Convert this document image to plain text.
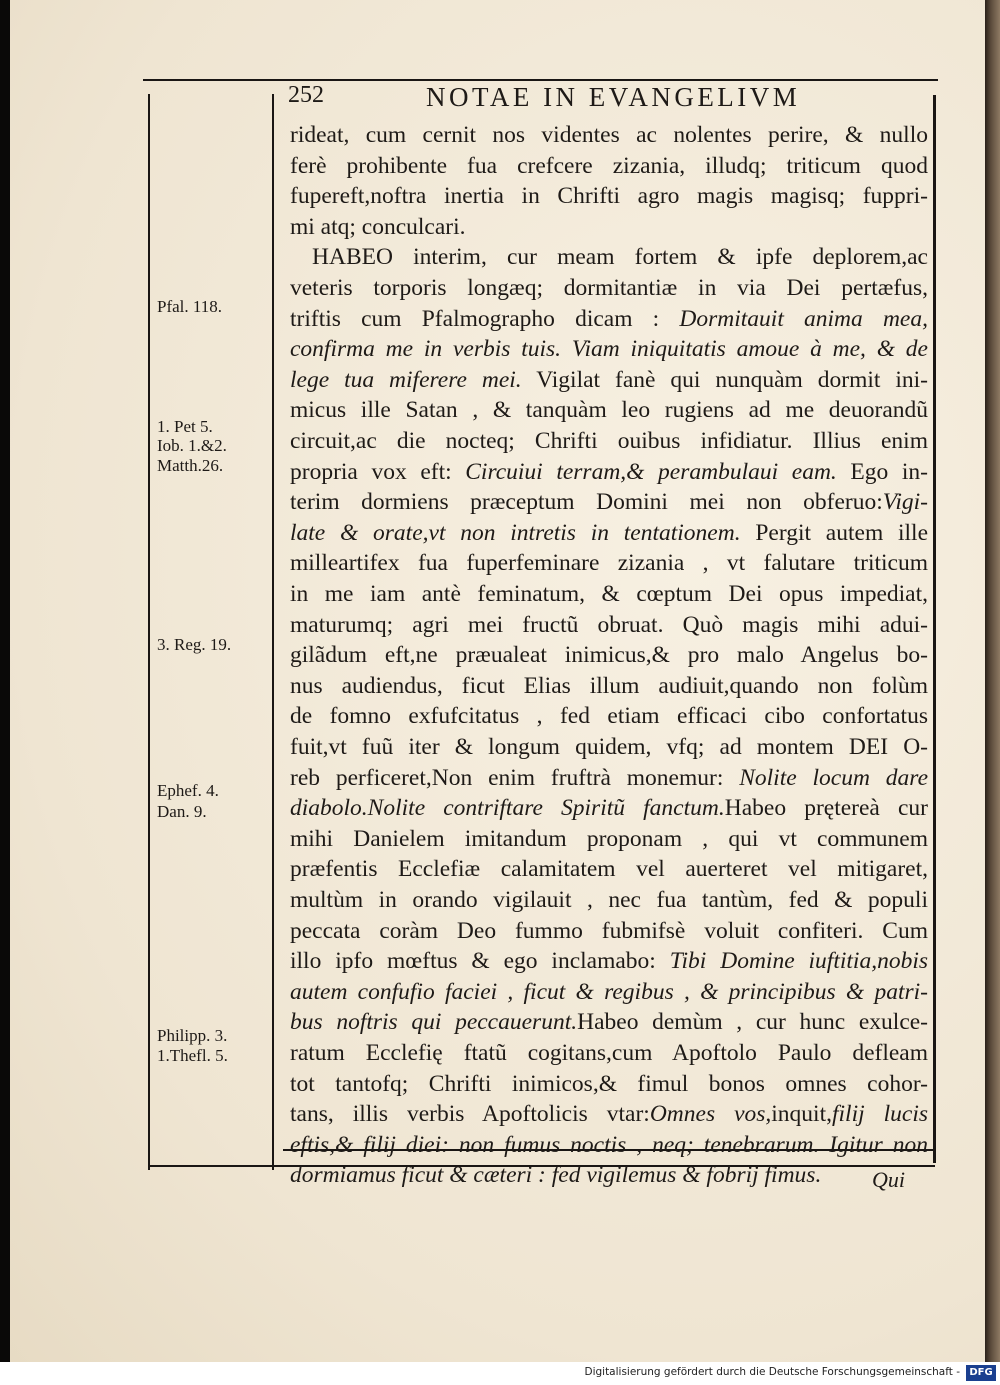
252	NOTAE IN EVANGELIVM
Pfal. 118.
1. Pet 5.
Iob. 1.&2.
Matth.26.
3. Reg. 19.
Ephef. 4.
Dan. 9.
Philipp. 3.
1.Thefl. 5.
rideat, cum cernit nos videntes ac nolentes perire, & nullo
ferè prohibente fua crefcere zizania, illudq; triticum quod
fupereft,noftra inertia in Chrifti agro magis magisq; fuppri-
mi atq; conculcari.
HABEO interim, cur meam fortem & ipfe deplorem,ac
veteris torporis longæq; dormitantiæ in via Dei pertæfus,
triftis cum Pfalmographo dicam : Dormitauit anima mea,
confirma me in verbis tuis. Viam iniquitatis amoue à me, & de
lege tua miferere mei. Vigilat fanè qui nunquàm dormit ini-
micus ille Satan , & tanquàm leo rugiens ad me deuorandũ
circuit,ac die nocteq; Chrifti ouibus infidiatur. Illius enim
propria vox eft: Circuiui terram,& perambulaui eam. Ego in-
terim dormiens præceptum Domini mei non obferuo:Vigi-
late & orate,vt non intretis in tentationem. Pergit autem ille
milleartifex fua fuperfeminare zizania , vt falutare triticum
in me iam antè feminatum, & cœptum Dei opus impediat,
maturumq; agri mei fructũ obruat. Quò magis mihi adui-
gilãdum eft,ne præualeat inimicus,& pro malo Angelus bo-
nus audiendus, ficut Elias illum audiuit,quando non folùm
de fomno exfufcitatus , fed etiam efficaci cibo confortatus
fuit,vt fuũ iter & longum quidem, vfq; ad montem DEI O-
reb perficeret,Non enim fruftrà monemur: Nolite locum dare
diabolo.Nolite contriftare Spiritũ fanctum.Habeo prętereà cur
mihi Danielem imitandum proponam , qui vt communem
præfentis Ecclefiæ calamitatem vel auerteret vel mitigaret,
multùm in orando vigilauit , nec fua tantùm, fed & populi
peccata coràm Deo fummo fubmifsè voluit confiteri. Cum
illo ipfo mœftus & ego inclamabo: Tibi Domine iuftitia,nobis
autem confufio faciei , ficut & regibus , & principibus & patri-
bus noftris qui peccauerunt.Habeo demùm , cur hunc exulce-
ratum Ecclefię ftatũ cogitans,cum Apoftolo Paulo defleam
tot tantofq; Chrifti inimicos,& fimul bonos omnes cohor-
tans, illis verbis Apoftolicis vtar:Omnes vos,inquit,filij lucis
eftis,& filij diei: non fumus noctis , neq; tenebrarum. Igitur non
dormiamus ficut & cæteri : fed vigilemus & fobrij fimus.	Qui
Digitalisierung gefördert durch die Deutsche Forschungsgemeinschaft - DFG
